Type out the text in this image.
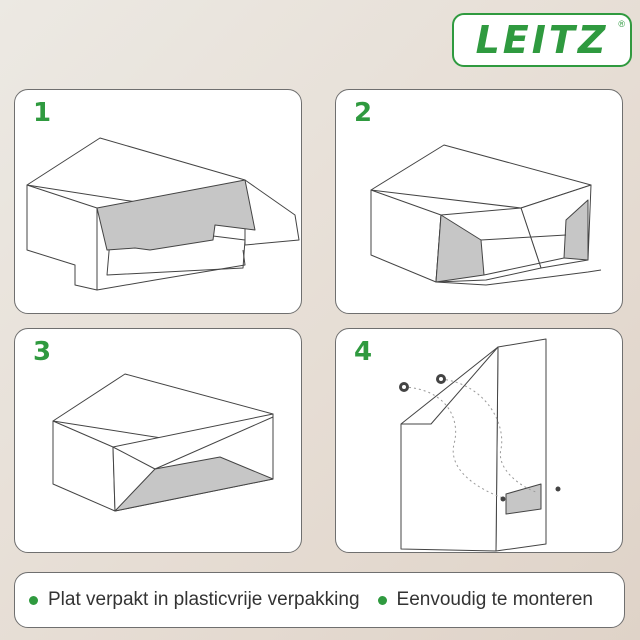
LEITZ ®
1	2
3	4
Plat verpakt in plasticvrije verpakking Eenvoudig te monteren
